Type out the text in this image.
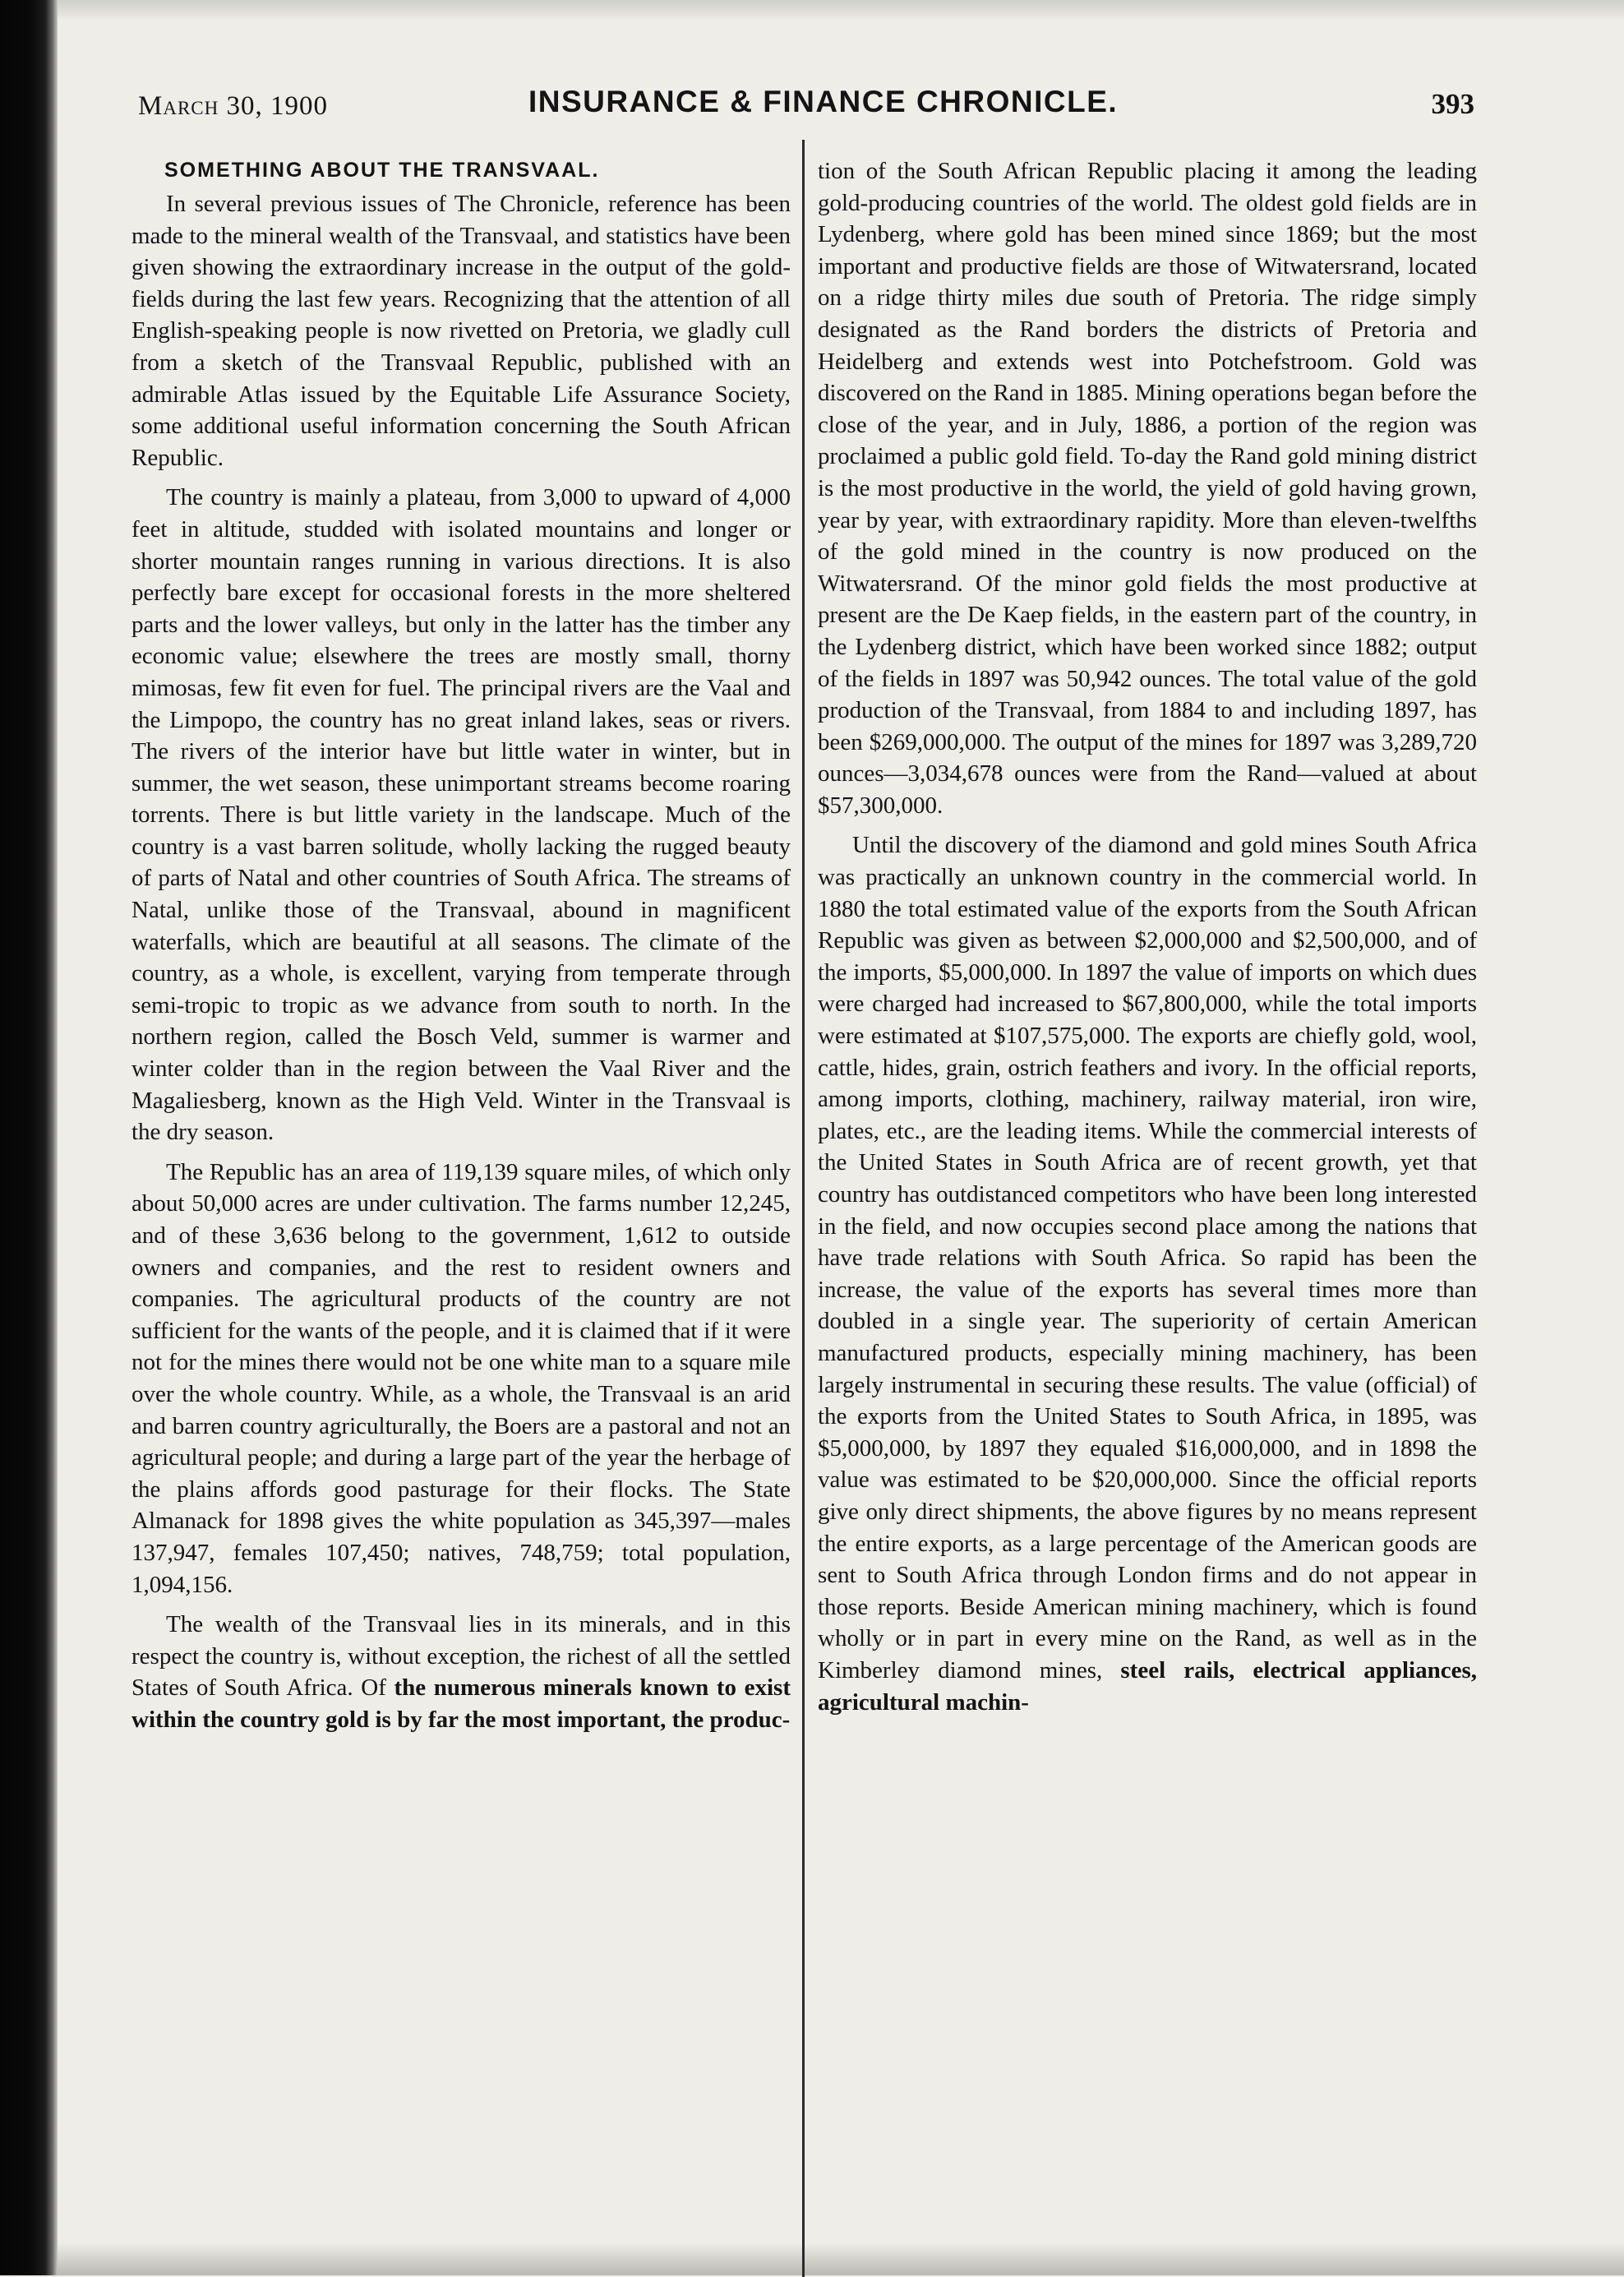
March 30, 1900	INSURANCE & FINANCE CHRONICLE.	393
SOMETHING ABOUT THE TRANSVAAL.

In several previous issues of The Chronicle, reference has been made to the mineral wealth of the Transvaal, and statistics have been given showing the extraordinary increase in the output of the gold-fields during the last few years. Recognizing that the attention of all English-speaking people is now rivetted on Pretoria, we gladly cull from a sketch of the Transvaal Republic, published with an admirable Atlas issued by the Equitable Life Assurance Society, some additional useful information concerning the South African Republic.

The country is mainly a plateau, from 3,000 to upward of 4,000 feet in altitude, studded with isolated mountains and longer or shorter mountain ranges running in various directions. It is also perfectly bare except for occasional forests in the more sheltered parts and the lower valleys, but only in the latter has the timber any economic value; elsewhere the trees are mostly small, thorny mimosas, few fit even for fuel. The principal rivers are the Vaal and the Limpopo, the country has no great inland lakes, seas or rivers. The rivers of the interior have but little water in winter, but in summer, the wet season, these unimportant streams become roaring torrents. There is but little variety in the landscape. Much of the country is a vast barren solitude, wholly lacking the rugged beauty of parts of Natal and other countries of South Africa. The streams of Natal, unlike those of the Transvaal, abound in magnificent waterfalls, which are beautiful at all seasons. The climate of the country, as a whole, is excellent, varying from temperate through semi-tropic to tropic as we advance from south to north. In the northern region, called the Bosch Veld, summer is warmer and winter colder than in the region between the Vaal River and the Magaliesberg, known as the High Veld. Winter in the Transvaal is the dry season.

The Republic has an area of 119,139 square miles, of which only about 50,000 acres are under cultivation. The farms number 12,245, and of these 3,636 belong to the government, 1,612 to outside owners and companies, and the rest to resident owners and companies. The agricultural products of the country are not sufficient for the wants of the people, and it is claimed that if it were not for the mines there would not be one white man to a square mile over the whole country. While, as a whole, the Transvaal is an arid and barren country agriculturally, the Boers are a pastoral and not an agricultural people; and during a large part of the year the herbage of the plains affords good pasturage for their flocks. The State Almanack for 1898 gives the white population as 345,397—males 137,947, females 107,450; natives, 748,759; total population, 1,094,156.

The wealth of the Transvaal lies in its minerals, and in this respect the country is, without exception, the richest of all the settled States of South Africa. Of the numerous minerals known to exist within the country gold is by far the most important, the produc-

tion of the South African Republic placing it among the leading gold-producing countries of the world. The oldest gold fields are in Lydenberg, where gold has been mined since 1869; but the most important and productive fields are those of Witwatersrand, located on a ridge thirty miles due south of Pretoria. The ridge simply designated as the Rand borders the districts of Pretoria and Heidelberg and extends west into Potchefstroom. Gold was discovered on the Rand in 1885. Mining operations began before the close of the year, and in July, 1886, a portion of the region was proclaimed a public gold field. To-day the Rand gold mining district is the most productive in the world, the yield of gold having grown, year by year, with extraordinary rapidity. More than eleven-twelfths of the gold mined in the country is now produced on the Witwatersrand. Of the minor gold fields the most productive at present are the De Kaep fields, in the eastern part of the country, in the Lydenberg district, which have been worked since 1882; output of the fields in 1897 was 50,942 ounces. The total value of the gold production of the Transvaal, from 1884 to and including 1897, has been $269,000,000. The output of the mines for 1897 was 3,289,720 ounces—3,034,678 ounces were from the Rand—valued at about $57,300,000.

Until the discovery of the diamond and gold mines South Africa was practically an unknown country in the commercial world. In 1880 the total estimated value of the exports from the South African Republic was given as between $2,000,000 and $2,500,000, and of the imports, $5,000,000. In 1897 the value of imports on which dues were charged had increased to $67,800,000, while the total imports were estimated at $107,575,000. The exports are chiefly gold, wool, cattle, hides, grain, ostrich feathers and ivory. In the official reports, among imports, clothing, machinery, railway material, iron wire, plates, etc., are the leading items. While the commercial interests of the United States in South Africa are of recent growth, yet that country has outdistanced competitors who have been long interested in the field, and now occupies second place among the nations that have trade relations with South Africa. So rapid has been the increase, the value of the exports has several times more than doubled in a single year. The superiority of certain American manufactured products, especially mining machinery, has been largely instrumental in securing these results. The value (official) of the exports from the United States to South Africa, in 1895, was $5,000,000, by 1897 they equaled $16,000,000, and in 1898 the value was estimated to be $20,000,000. Since the official reports give only direct shipments, the above figures by no means represent the entire exports, as a large percentage of the American goods are sent to South Africa through London firms and do not appear in those reports. Beside American mining machinery, which is found wholly or in part in every mine on the Rand, as well as in the Kimberley diamond mines, steel rails, electrical appliances, agricultural machin-
